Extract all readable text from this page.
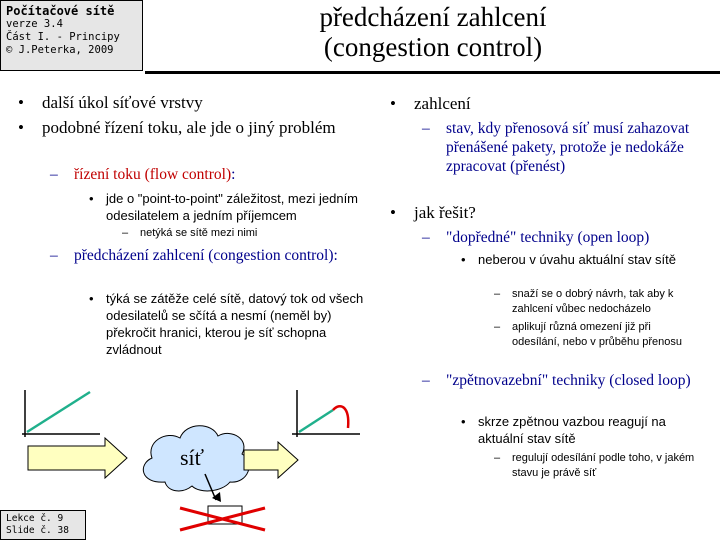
Počítačové sítě
verze 3.4
Část I. - Principy
© J.Peterka, 2009
předcházení zahlcení
(congestion control)
• další úkol síťové vrstvy
• podobné řízení toku, ale jde o jiný problém
– řízení toku (flow control):
• jde o "point-to-point" záležitost, mezi jedním odesilatelem a jedním příjemcem
– netýká se sítě mezi nimi
– předcházení zahlcení (congestion control):
• týká se zátěže celé sítě, datový tok od všech odesilatelů se sčítá a nesmí (neměl by) překročit hranici, kterou je síť schopna zvládnout
• zahlcení
– stav, kdy přenosová síť musí zahazovat přenášené pakety, protože je nedokáže zpracovat (přenést)
• jak řešit?
– "dopředné" techniky (open loop)
• neberou v úvahu aktuální stav sítě
– snaží se o dobrý návrh, tak aby k zahlcení vůbec nedocházelo
– aplikují různá omezení již při odesílání, nebo v průběhu přenosu
– "zpětnovazební" techniky (closed loop)
• skrze zpětnou vazbou reagují na aktuální stav sítě
– regulují odesílání podle toho, v jakém stavu je právě síť
síť
Lekce č. 9
Slide č. 38
